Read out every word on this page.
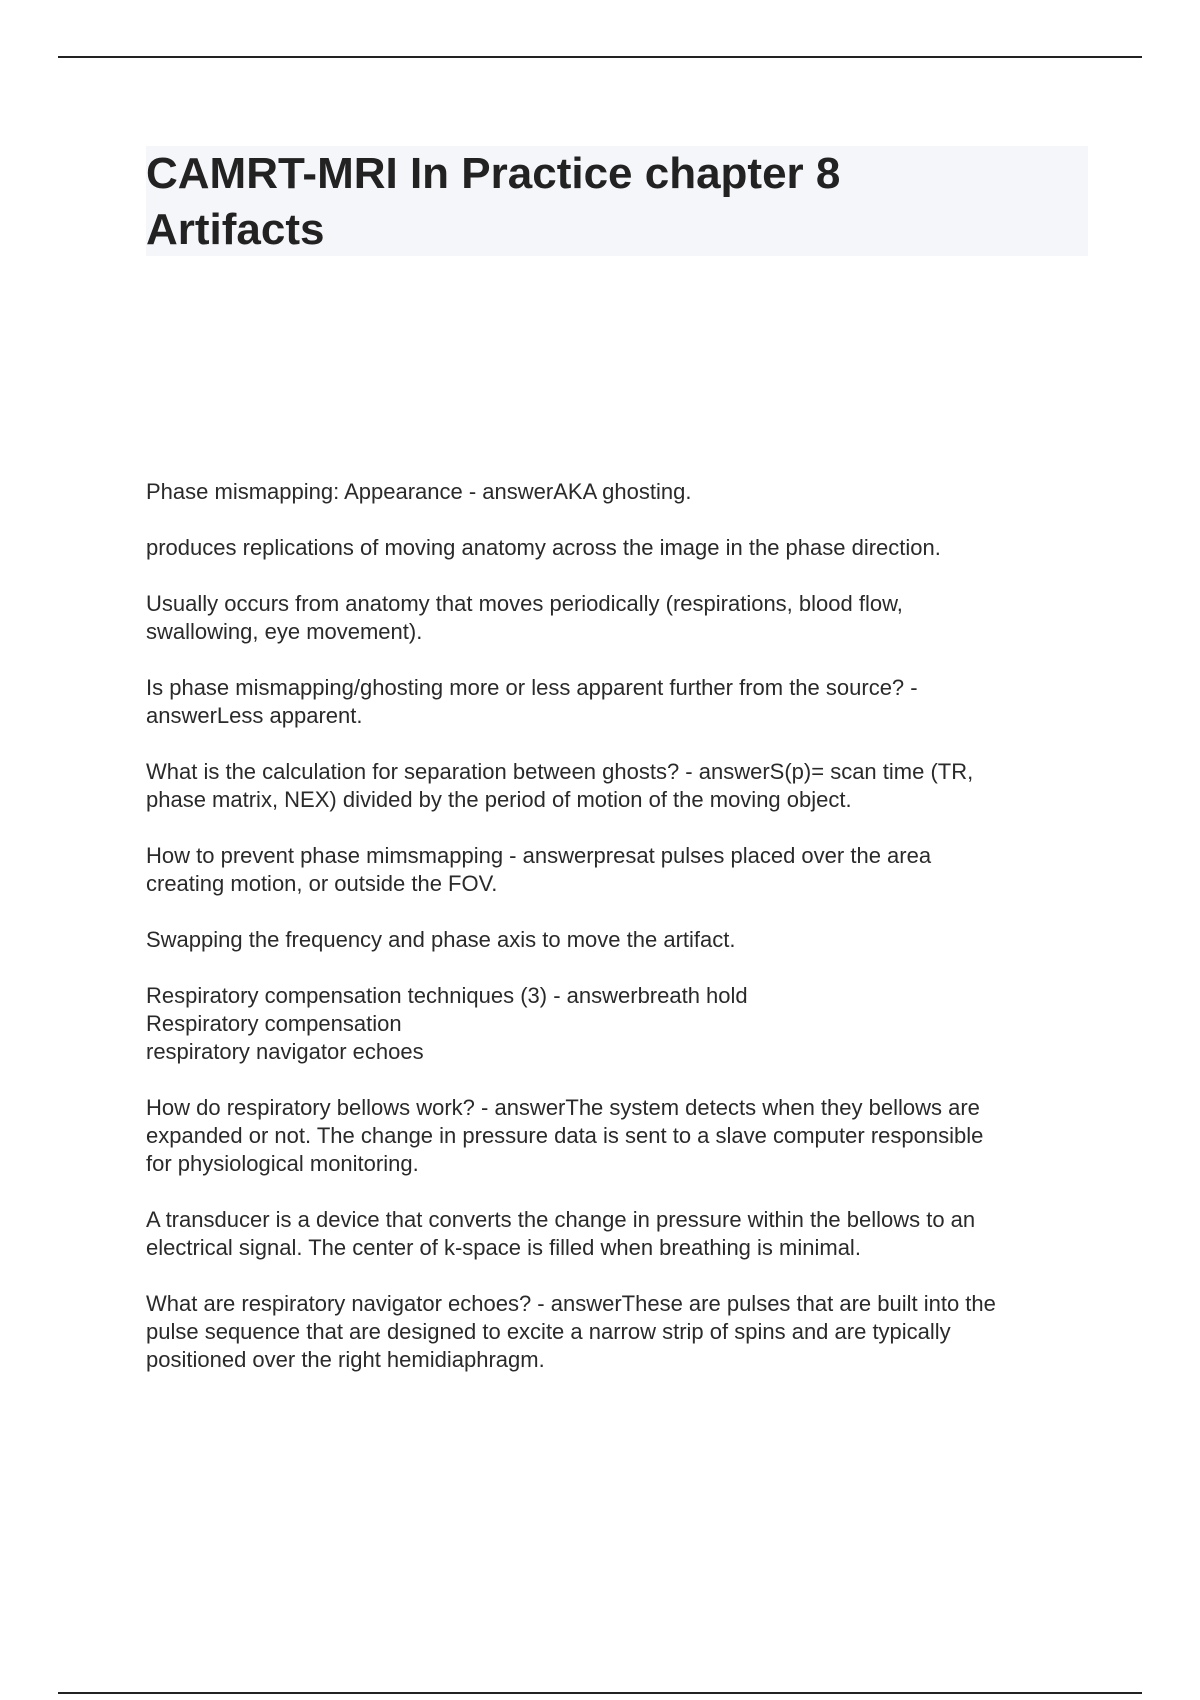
CAMRT-MRI In Practice chapter 8
Artifacts

Phase mismapping: Appearance - answerAKA ghosting.

produces replications of moving anatomy across the image in the phase direction.

Usually occurs from anatomy that moves periodically (respirations, blood flow,
swallowing, eye movement).

Is phase mismapping/ghosting more or less apparent further from the source? -
answerLess apparent.

What is the calculation for separation between ghosts? - answerS(p)= scan time (TR,
phase matrix, NEX) divided by the period of motion of the moving object.

How to prevent phase mimsmapping - answerpresat pulses placed over the area
creating motion, or outside the FOV.

Swapping the frequency and phase axis to move the artifact.

Respiratory compensation techniques (3) - answerbreath hold
Respiratory compensation
respiratory navigator echoes

How do respiratory bellows work? - answerThe system detects when they bellows are
expanded or not. The change in pressure data is sent to a slave computer responsible
for physiological monitoring.

A transducer is a device that converts the change in pressure within the bellows to an
electrical signal. The center of k-space is filled when breathing is minimal.

What are respiratory navigator echoes? - answerThese are pulses that are built into the
pulse sequence that are designed to excite a narrow strip of spins and are typically
positioned over the right hemidiaphragm.
